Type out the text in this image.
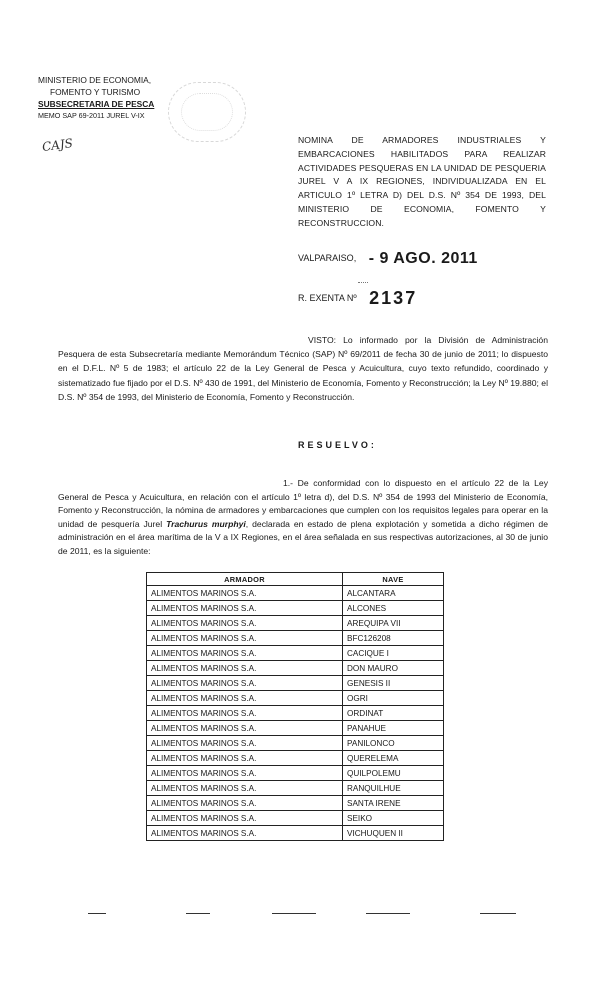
MINISTERIO DE ECONOMIA,
FOMENTO Y TURISMO
SUBSECRETARIA DE PESCA
MEMO SAP 69-2011 JUREL V-IX
CAJS	NOMINA DE ARMADORES INDUSTRIALES Y EMBARCACIONES HABILITADOS PARA REALIZAR ACTIVIDADES PESQUERAS EN LA UNIDAD DE PESQUERIA JUREL V A IX REGIONES, INDIVIDUALIZADA EN EL ARTICULO 1º LETRA D) DEL D.S. Nº 354 DE 1993, DEL MINISTERIO DE ECONOMIA, FOMENTO Y RECONSTRUCCION.
VALPARAISO, - 9 AGO. 2011
R. EXENTA Nº 2137
VISTO: Lo informado por la División de Administración Pesquera de esta Subsecretaría mediante Memorándum Técnico (SAP) Nº 69/2011 de fecha 30 de junio de 2011; lo dispuesto en el D.F.L. Nº 5 de 1983; el artículo 22 de la Ley General de Pesca y Acuicultura, cuyo texto refundido, coordinado y sistematizado fue fijado por el D.S. Nº 430 de 1991, del Ministerio de Economía, Fomento y Reconstrucción; la Ley Nº 19.880; el D.S. Nº 354 de 1993, del Ministerio de Economía, Fomento y Reconstrucción.
RESUELVO:
1.- De conformidad con lo dispuesto en el artículo 22 de la Ley General de Pesca y Acuicultura, en relación con el artículo 1º letra d), del D.S. Nº 354 de 1993 del Ministerio de Economía, Fomento y Reconstrucción, la nómina de armadores y embarcaciones que cumplen con los requisitos legales para operar en la unidad de pesquería Jurel Trachurus murphyi, declarada en estado de plena explotación y sometida a dicho régimen de administración en el área marítima de la V a IX Regiones, en el área señalada en sus respectivas autorizaciones, al 30 de junio de 2011, es la siguiente:
ARMADOR	NAVE
ALIMENTOS MARINOS S.A.	ALCANTARA
ALIMENTOS MARINOS S.A.	ALCONES
ALIMENTOS MARINOS S.A.	AREQUIPA VII
ALIMENTOS MARINOS S.A.	BFC126208
ALIMENTOS MARINOS S.A.	CACIQUE I
ALIMENTOS MARINOS S.A.	DON MAURO
ALIMENTOS MARINOS S.A.	GENESIS II
ALIMENTOS MARINOS S.A.	OGRI
ALIMENTOS MARINOS S.A.	ORDINAT
ALIMENTOS MARINOS S.A.	PANAHUE
ALIMENTOS MARINOS S.A.	PANILONCO
ALIMENTOS MARINOS S.A.	QUERELEMA
ALIMENTOS MARINOS S.A.	QUILPOLEMU
ALIMENTOS MARINOS S.A.	RANQUILHUE
ALIMENTOS MARINOS S.A.	SANTA IRENE
ALIMENTOS MARINOS S.A.	SEIKO
ALIMENTOS MARINOS S.A.	VICHUQUEN II
